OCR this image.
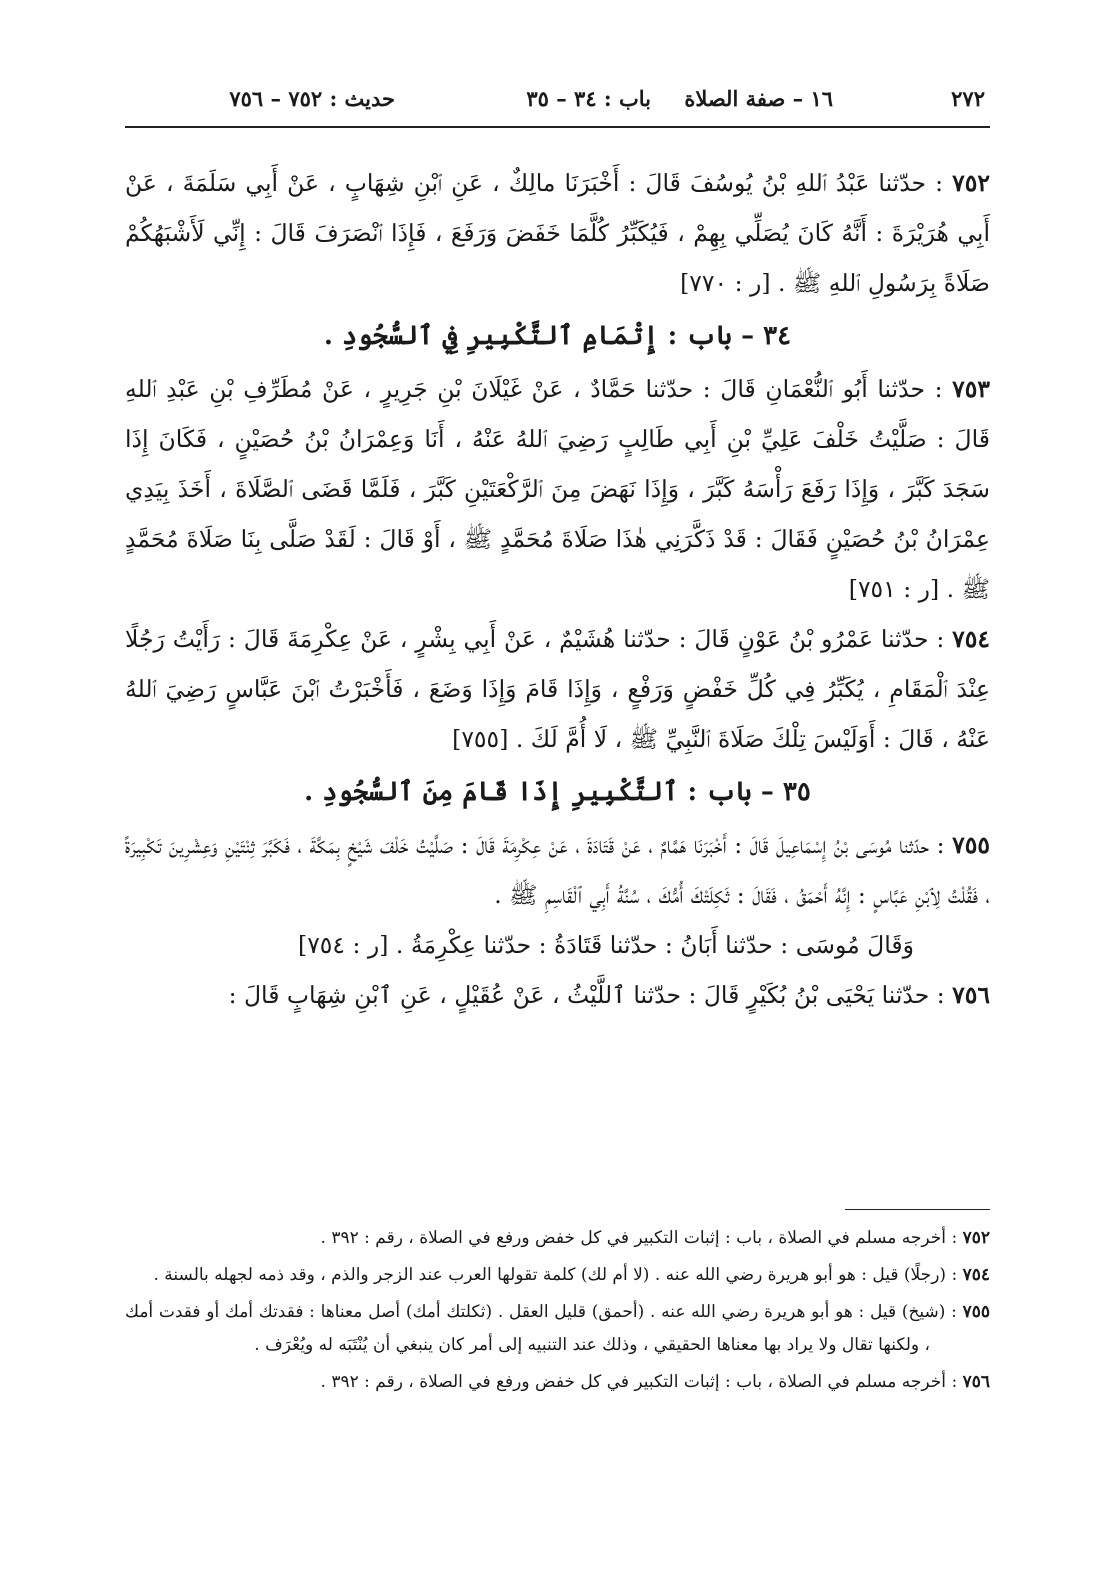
٢٧٢
١٦ – صفة الصلاة
باب : ٣٤ – ٣٥
حديث : ٧٥٢ – ٧٥٦

٧٥٢ : حدّثنا عَبْدُ ٱللهِ بْنُ يُوسُفَ قَالَ : أَخْبَرَنَا مالِكٌ ، عَنِ ٱبْنِ شِهَابٍ ، عَنْ أَبِي سَلَمَةَ ، عَنْ أَبِي هُرَيْرَةَ : أَنَّهُ كَانَ يُصَلِّي بِهِمْ ، فَيُكَبِّرُ كُلَّمَا خَفَضَ وَرَفَعَ ، فَإِذَا ٱنْصَرَفَ قَالَ : إِنِّي لَأَشْبَهُكُمْ صَلَاةً بِرَسُولِ ٱللهِ ﷺ . [ر : ٧٧٠]

٣٤ – باب : إِتْمَامِ ٱلتَّكْبِيرِ فِي ٱلسُّجُودِ .

٧٥٣ : حدّثنا أَبُو ٱلنُّعْمَانِ قَالَ : حدّثنا حَمَّادٌ ، عَنْ غَيْلَانَ بْنِ جَرِيرٍ ، عَنْ مُطَرِّفِ بْنِ عَبْدِ ٱللهِ قَالَ : صَلَّيْتُ خَلْفَ عَلِيِّ بْنِ أَبِي طَالِبٍ رَضِيَ ٱللهُ عَنْهُ ، أَنَا وَعِمْرَانُ بْنُ حُصَيْنٍ ، فَكَانَ إِذَا سَجَدَ كَبَّرَ ، وَإِذَا رَفَعَ رَأْسَهُ كَبَّرَ ، وَإِذَا نَهَضَ مِنَ ٱلرَّكْعَتَيْنِ كَبَّرَ ، فَلَمَّا قَضَى ٱلصَّلَاةَ ، أَخَذَ بِيَدِي عِمْرَانُ بْنُ حُصَيْنٍ فَقَالَ : قَدْ ذَكَّرَنِي هٰذَا صَلَاةَ مُحَمَّدٍ ﷺ ، أَوْ قَالَ : لَقَدْ صَلَّى بِنَا صَلَاةَ مُحَمَّدٍ ﷺ . [ر : ٧٥١]

٧٥٤ : حدّثنا عَمْرُو بْنُ عَوْنٍ قَالَ : حدّثنا هُشَيْمٌ ، عَنْ أَبِي بِشْرٍ ، عَنْ عِكْرِمَةَ قَالَ : رَأَيْتُ رَجُلًا عِنْدَ ٱلْمَقَامِ ، يُكَبِّرُ فِي كُلِّ خَفْضٍ وَرَفْعٍ ، وَإِذَا قَامَ وَإِذَا وَضَعَ ، فَأَخْبَرْتُ ٱبْنَ عَبَّاسٍ رَضِيَ ٱللهُ عَنْهُ ، قَالَ : أَوَلَيْسَ تِلْكَ صَلَاةَ ٱلنَّبِيِّ ﷺ ، لَا أُمَّ لَكَ . [٧٥٥]

٣٥ – باب : ٱلتَّكْبِيرِ إِذَا قَامَ مِنَ ٱلسُّجُودِ .

٧٥٥ : حدّثنا مُوسَى بْنُ إِسْمَاعِيلَ قَالَ : أَخْبَرَنَا هَمَّامٌ ، عَنْ قَتَادَةَ ، عَنْ عِكْرِمَةَ قَالَ : صَلَّيْتُ خَلْفَ شَيْخٍ بِمَكَّةَ ، فَكَبَّرَ ثِنْتَيْنِ وَعِشْرِينَ تَكْبِيرَةً ، فَقُلْتُ لِٱبْنِ عَبَّاسٍ : إِنَّهُ أَحْمَقُ ، فَقَالَ : ثَكِلَتْكَ أُمُّكَ ، سُنَّةُ أَبِي ٱلْقَاسِمِ ﷺ .

وَقَالَ مُوسَى : حدّثنا أَبَانُ : حدّثنا قَتَادَةُ : حدّثنا عِكْرِمَةُ . [ر : ٧٥٤]

٧٥٦ : حدّثنا يَحْيَى بْنُ بُكَيْرٍ قَالَ : حدّثنا ٱللَّيْثُ ، عَنْ عُقَيْلٍ ، عَنِ ٱبْنِ شِهَابٍ قَالَ :

٧٥٢ : أخرجه مسلم في الصلاة ، باب : إثبات التكبير في كل خفض ورفع في الصلاة ، رقم : ٣٩٢ .

٧٥٤ : (رجلًا) قيل : هو أبو هريرة رضي الله عنه . (لا أم لك) كلمة تقولها العرب عند الزجر والذم ، وقد ذمه لجهله بالسنة .

٧٥٥ : (شيخ) قيل : هو أبو هريرة رضي الله عنه . (أحمق) قليل العقل . (ثكلتك أمك) أصل معناها : فقدتك أمك أو فقدت أمك ، ولكنها تقال ولا يراد بها معناها الحقيقي ، وذلك عند التنبيه إلى أمر كان ينبغي أن يُنْتَبَه له ويُعْرَف .

٧٥٦ : أخرجه مسلم في الصلاة ، باب : إثبات التكبير في كل خفض ورفع في الصلاة ، رقم : ٣٩٢ .
